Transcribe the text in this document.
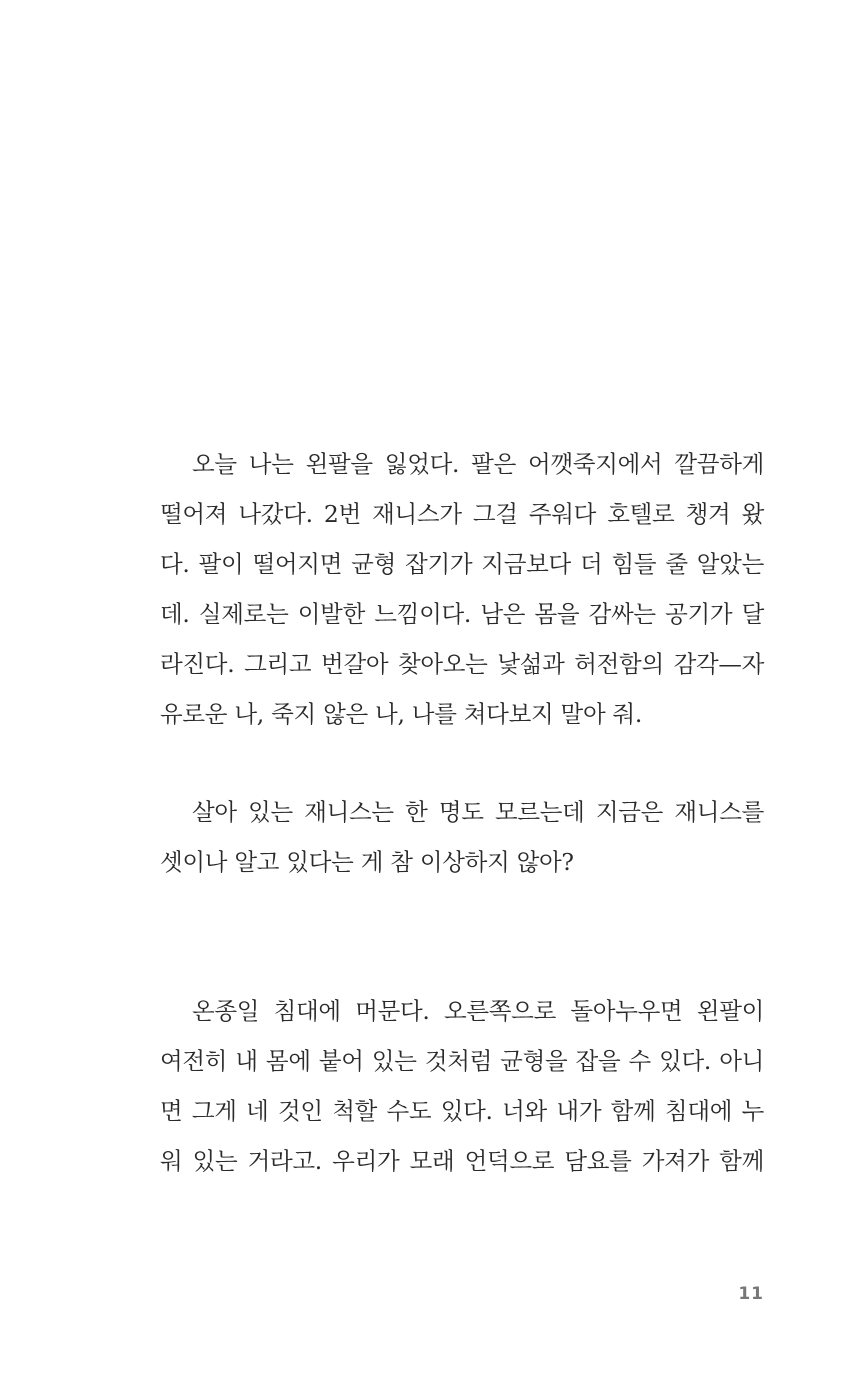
오늘 나는 왼팔을 잃었다. 팔은 어깻죽지에서 깔끔하게
떨어져 나갔다. 2번 재니스가 그걸 주워다 호텔로 챙겨 왔
다. 팔이 떨어지면 균형 잡기가 지금보다 더 힘들 줄 알았는
데. 실제로는 이발한 느낌이다. 남은 몸을 감싸는 공기가 달
라진다. 그리고 번갈아 찾아오는 낯섦과 허전함의 감각—자
유로운 나, 죽지 않은 나, 나를 쳐다보지 말아 줘.
살아 있는 재니스는 한 명도 모르는데 지금은 재니스를
셋이나 알고 있다는 게 참 이상하지 않아?
온종일 침대에 머문다. 오른쪽으로 돌아누우면 왼팔이
여전히 내 몸에 붙어 있는 것처럼 균형을 잡을 수 있다. 아니
면 그게 네 것인 척할 수도 있다. 너와 내가 함께 침대에 누
워 있는 거라고. 우리가 모래 언덕으로 담요를 가져가 함께
11
